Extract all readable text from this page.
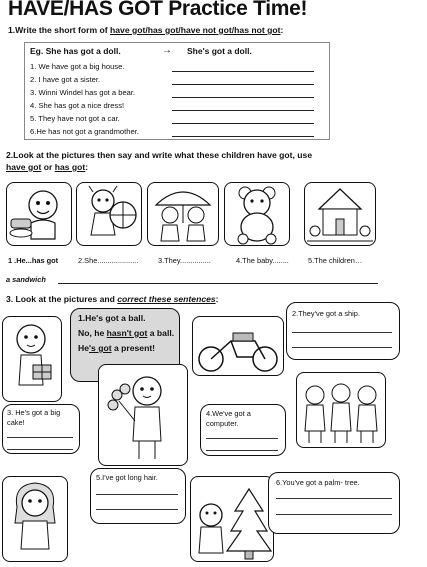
HAVE/HAS GOT Practice Time!
1.Write the short form of have got/has got/have not got/has not got:
Eg. She has got a doll.	→ She's got a doll.
1. We have got a big house.
2. I have got a sister.
3. Winni Windel has got a bear.
4. She has got a nice dress!
5. They have not got a car.
6.He has not got a grandmother.
2.Look at the pictures then say and write what these children have got, use
have got or has got:
1 .He...has got	2.She....................	3.They...............	4.The baby........	5.The children…
a sandwich
3. Look at the pictures and correct these sentences:
1.He's got a ball.
No, he hasn't got a ball.
He's got a present!
2.They've got a ship.
3. He's got a big
cake!
4.We've got a
computer.
5.I've got long hair.
6.You've got a palm- tree.
